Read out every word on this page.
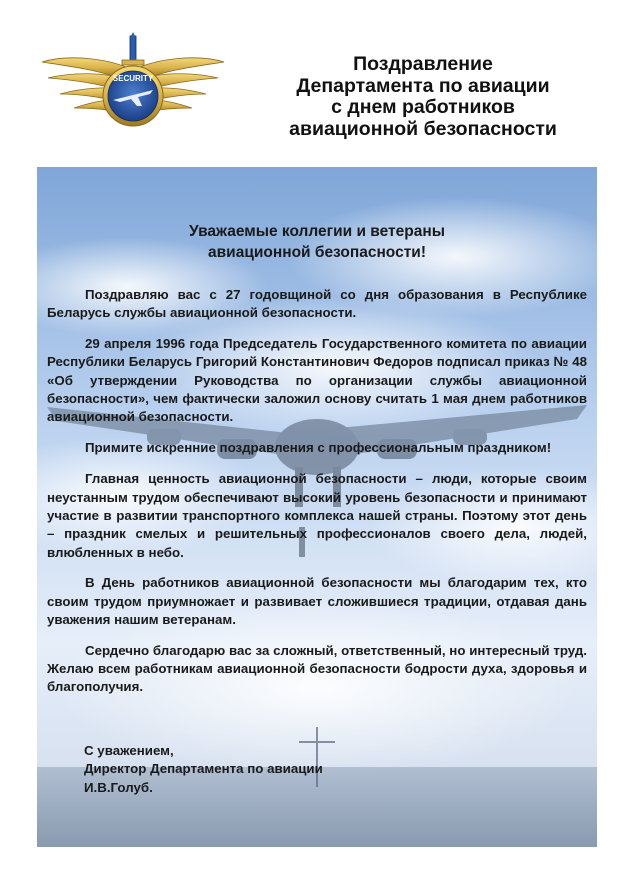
SECURITY
Поздравление
Департамента по авиации
с днем работников
авиационной безопасности
Уважаемые коллегии и ветераны
авиационной безопасности!

Поздравляю вас с 27 годовщиной со дня образования в Республике Беларусь службы авиационной безопасности.

29 апреля 1996 года Председатель Государственного комитета по авиации Республики Беларусь Григорий Константинович Федоров подписал приказ № 48 «Об утверждении Руководства по организации службы авиационной безопасности», чем фактически заложил основу считать 1 мая днем работников авиационной безопасности.

Примите искренние поздравления с профессиональным праздником!

Главная ценность авиационной безопасности – люди, которые своим неустанным трудом обеспечивают высокий уровень безопасности и принимают участие в развитии транспортного комплекса нашей страны. Поэтому этот день – праздник смелых и решительных профессионалов своего дела, людей, влюбленных в небо.

В День работников авиационной безопасности мы благодарим тех, кто своим трудом приумножает и развивает сложившиеся традиции, отдавая дань уважения нашим ветеранам.

Сердечно благодарю вас за сложный, ответственный, но интересный труд. Желаю всем работникам авиационной безопасности бодрости духа, здоровья и благополучия.

С уважением,
Директор Департамента по авиации
И.В.Голуб.
